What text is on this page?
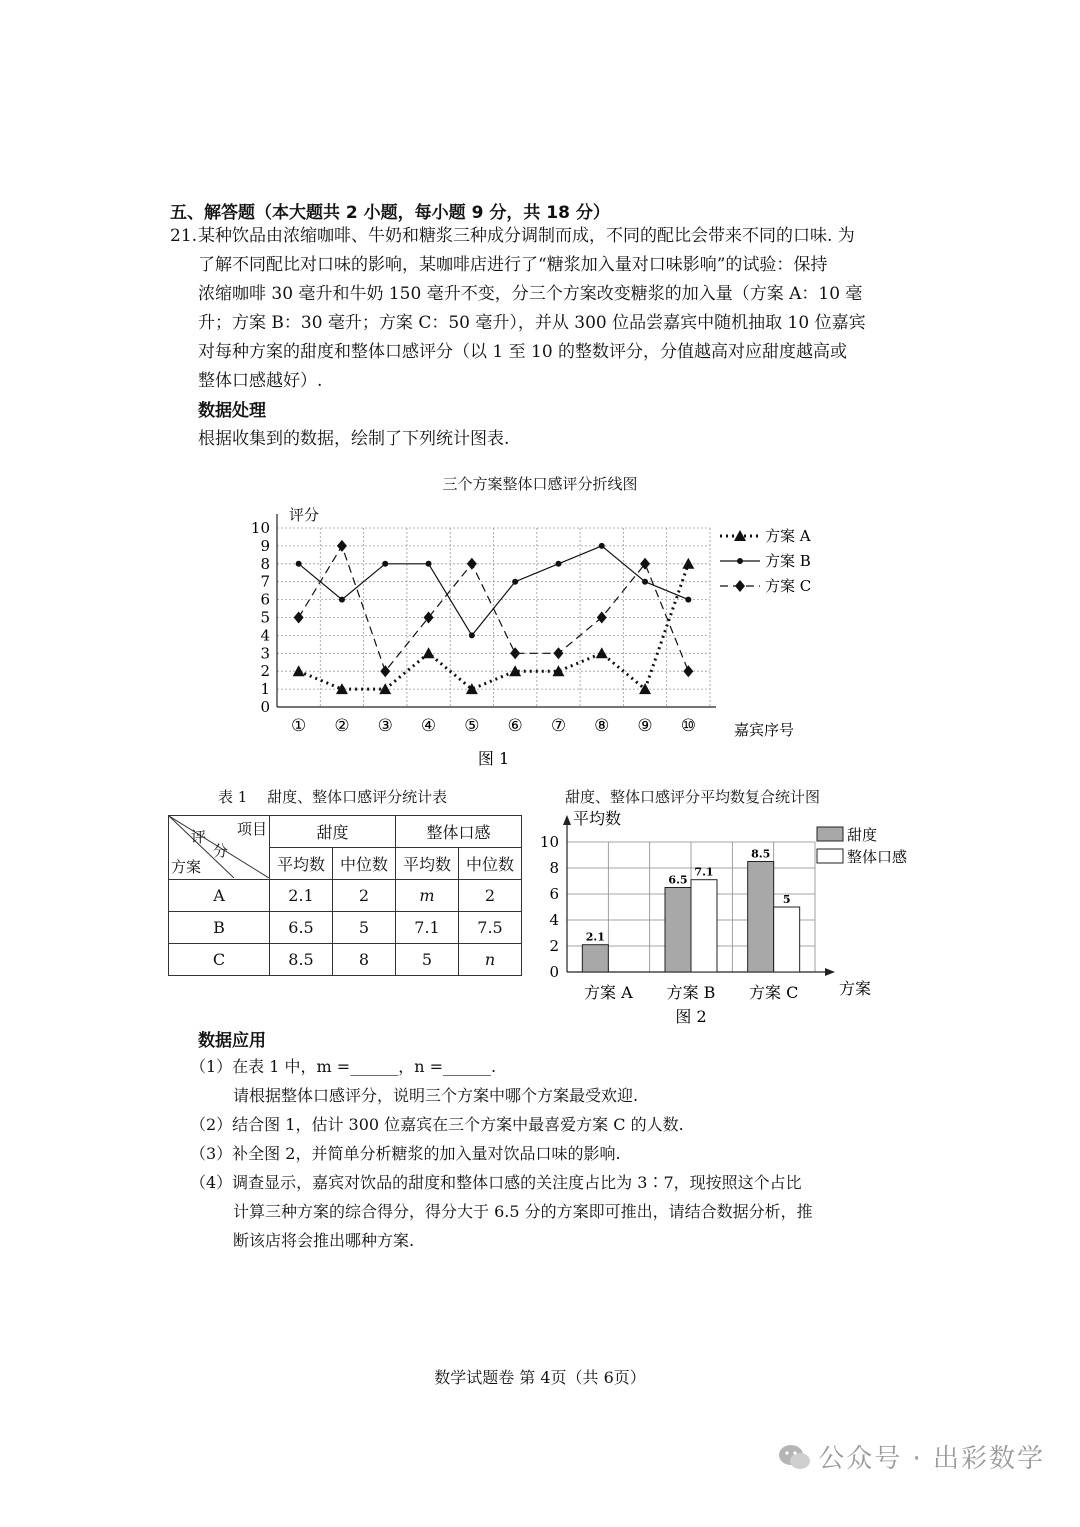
五、解答题（本大题共 2 小题，每小题 9 分，共 18 分）
21. 某种饮品由浓缩咖啡、牛奶和糖浆三种成分调制而成，不同的配比会带来不同的口味. 为
了解不同配比对口味的影响，某咖啡店进行了“糖浆加入量对口味影响”的试验：保持
浓缩咖啡 30 毫升和牛奶 150 毫升不变，分三个方案改变糖浆的加入量（方案 A：10 毫
升；方案 B：30 毫升；方案 C：50 毫升），并从 300 位品尝嘉宾中随机抽取 10 位嘉宾
对每种方案的甜度和整体口感评分（以 1 至 10 的整数评分，分值越高对应甜度越高或
整体口感越好）.
数据处理
根据收集到的数据，绘制了下列统计图表.
三个方案整体口感评分折线图
0
1
2
3
4
5
6
7
8
9
10
评分
① ② ③ ④ ⑤ ⑥ ⑦ ⑧ ⑨ ⑩	嘉宾序号
图 1
方案 A
方案 B
方案 C
表 1　 甜度、整体口感评分统计表
项目
评
分
方案	甜度		整体口感	
	平均数	中位数	平均数	中位数
A	2.1	2	m	2
B	6.5	5	7.1	7.5
C	8.5	8	5	n
甜度、整体口感评分平均数复合统计图
0
2
4
6
8
10
平均数
方案
方案 A
2.1
方案 B
6.5
7.1
方案 C
8.5
5
图 2
甜度
整体口感
数据应用
（1）在表 1 中，m =______，n =______.
请根据整体口感评分，说明三个方案中哪个方案最受欢迎.
（2）结合图 1，估计 300 位嘉宾在三个方案中最喜爱方案 C 的人数.
（3）补全图 2，并简单分析糖浆的加入量对饮品口味的影响.
（4）调查显示，嘉宾对饮品的甜度和整体口感的关注度占比为 3∶7，现按照这个占比
计算三种方案的综合得分，得分大于 6.5 分的方案即可推出，请结合数据分析，推
断该店将会推出哪种方案.
数学试题卷 第 4页（共 6页）
公众号 · 出彩数学
